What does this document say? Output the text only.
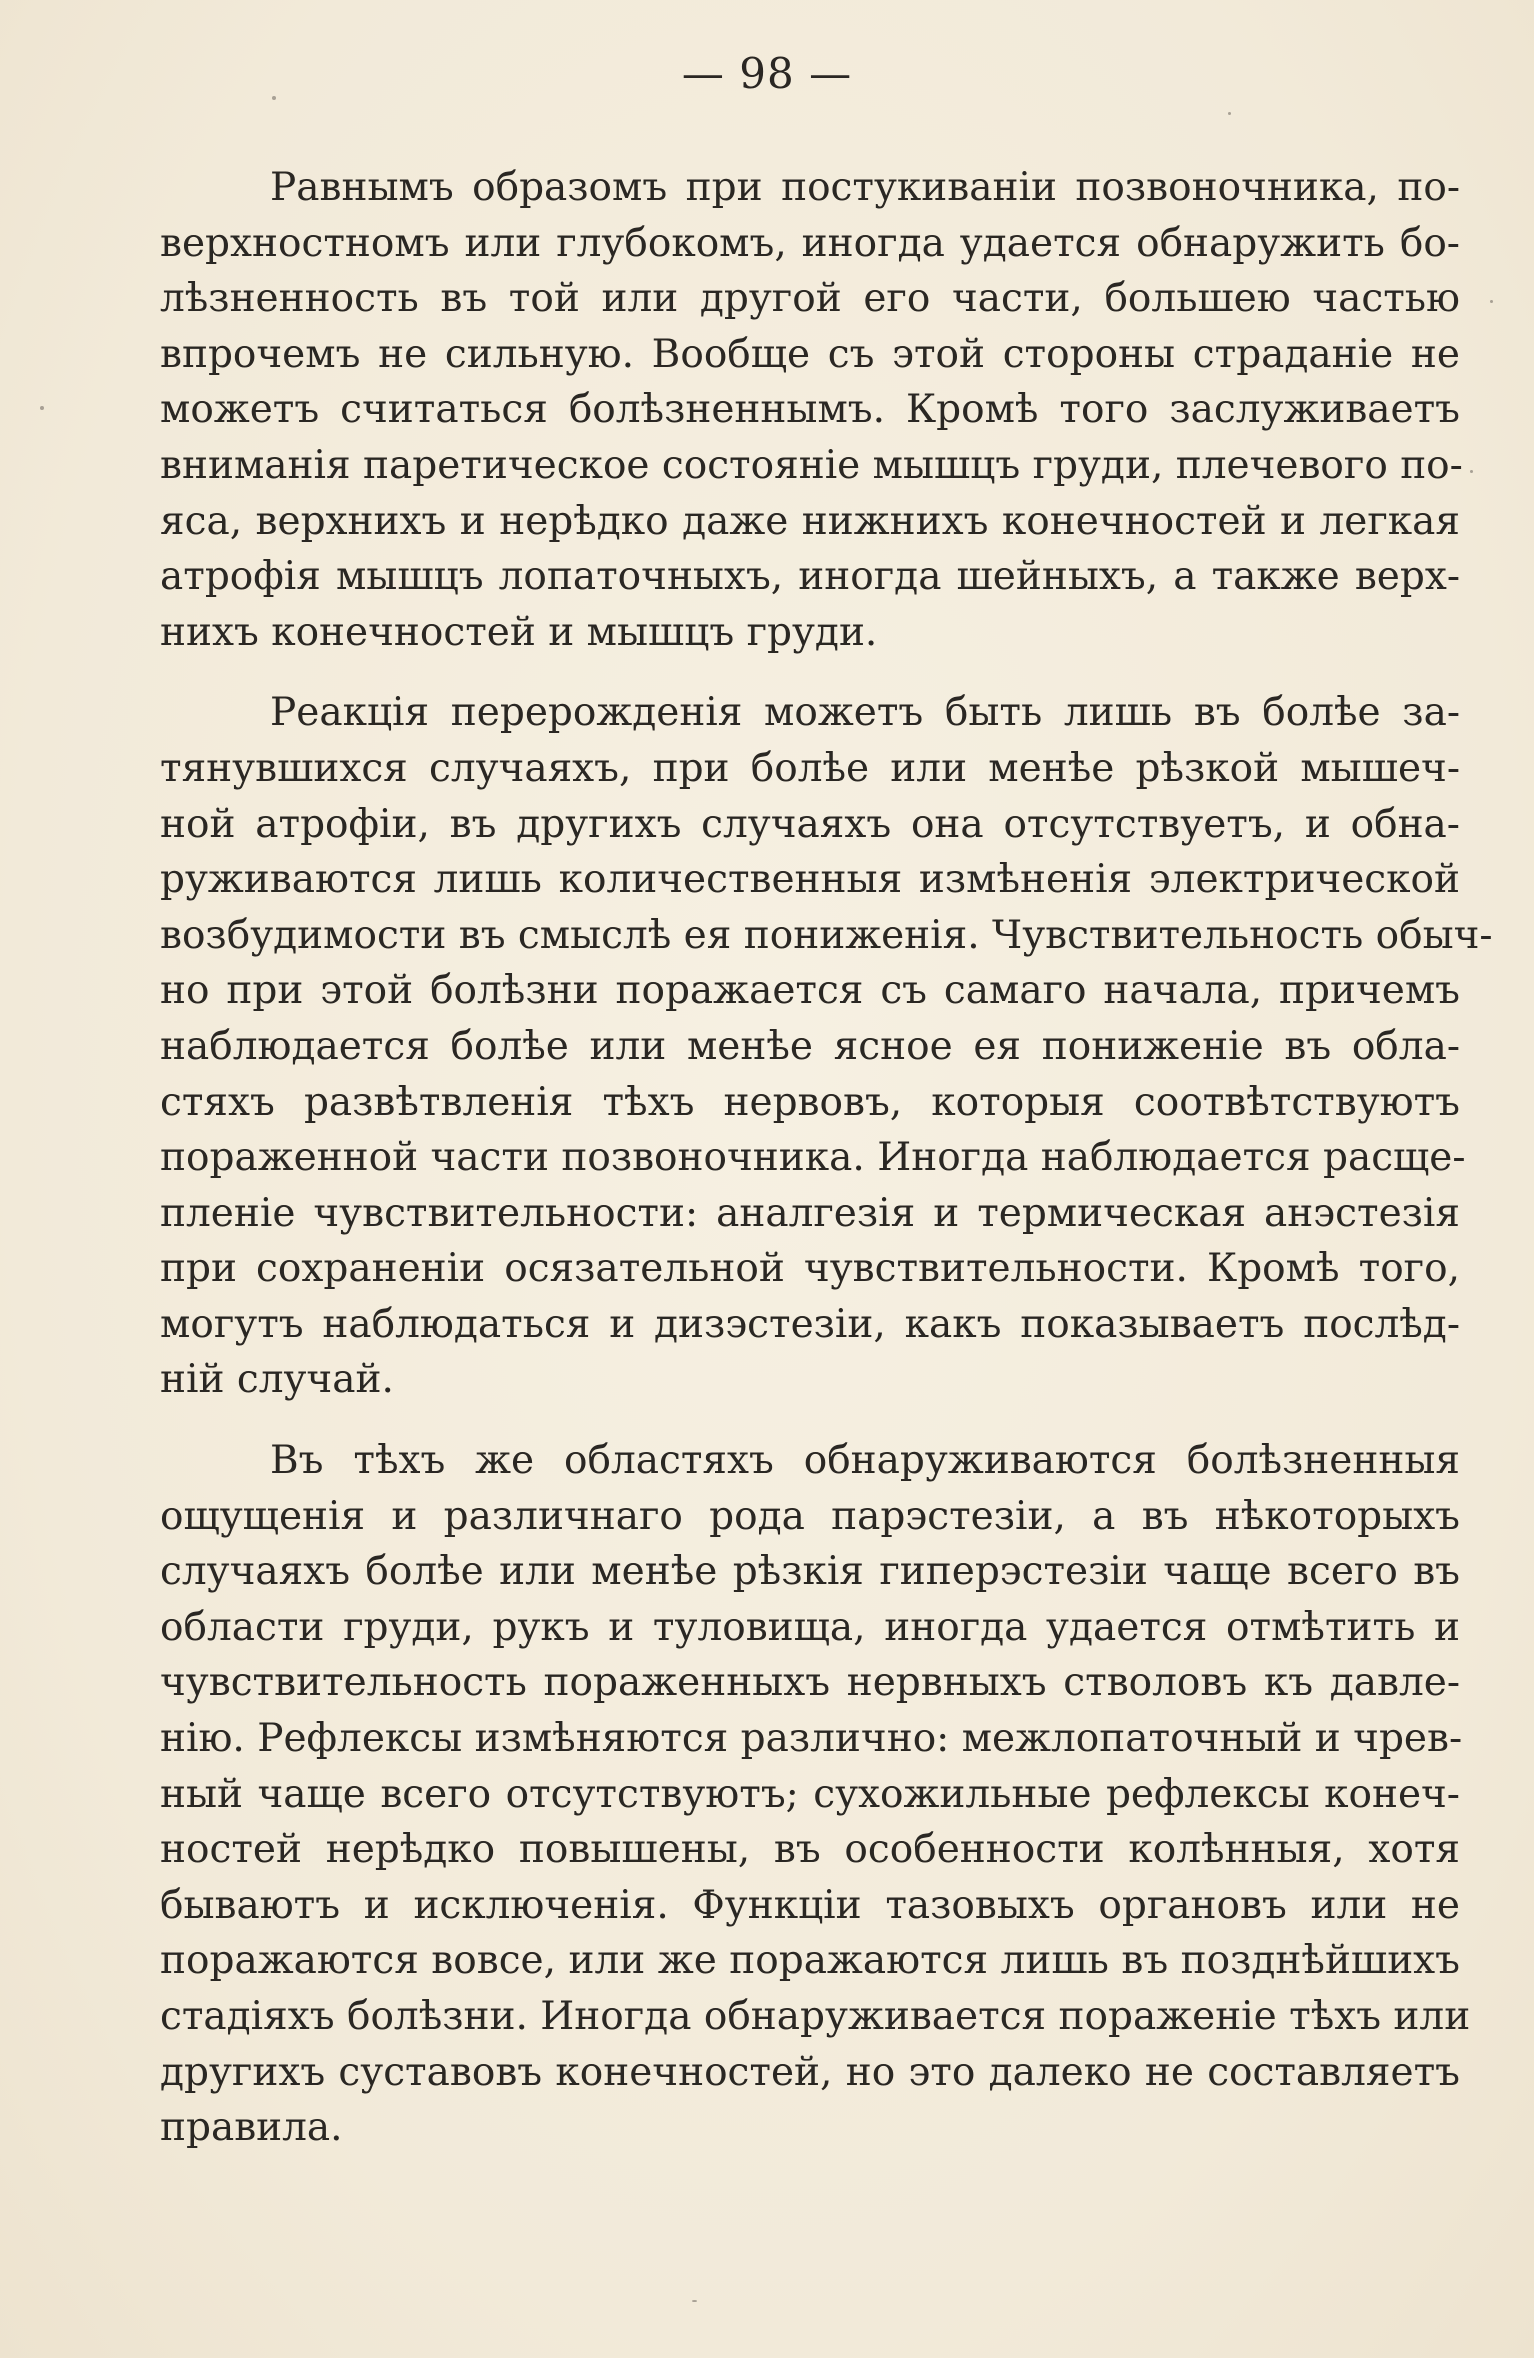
— 98 —
Равнымъ образомъ при постукиванiи позвоночника, по-
верхностномъ или глубокомъ, иногда удается обнаружить бо-
лѣзненность въ той или другой его части, большею частью
впрочемъ не сильную. Вообще съ этой стороны страданiе не
можетъ считаться болѣзненнымъ. Кромѣ того заслуживаетъ
вниманiя паретическое состоянiе мышцъ груди, плечевого по-
яса, верхнихъ и нерѣдко даже нижнихъ конечностей и легкая
атрофiя мышцъ лопаточныхъ, иногда шейныхъ, а также верх-
нихъ конечностей и мышцъ груди.
Реакцiя перерожденiя можетъ быть лишь въ болѣе за-
тянувшихся случаяхъ, при болѣе или менѣе рѣзкой мышеч-
ной атрофiи, въ другихъ случаяхъ она отсутствуетъ, и обна-
руживаются лишь количественныя измѣненiя электрической
возбудимости въ смыслѣ ея пониженiя. Чувствительность обыч-
но при этой болѣзни поражается съ самаго начала, причемъ
наблюдается болѣе или менѣе ясное ея пониженiе въ обла-
стяхъ развѣтвленiя тѣхъ нервовъ, которыя соотвѣтствуютъ
пораженной части позвоночника. Иногда наблюдается расще-
пленiе чувствительности: аналгезiя и термическая анэстезiя
при сохраненiи осязательной чувствительности. Кромѣ того,
могутъ наблюдаться и дизэстезiи, какъ показываетъ послѣд-
нiй случай.
Въ тѣхъ же областяхъ обнаруживаются болѣзненныя
ощущенiя и различнаго рода парэстезiи, а въ нѣкоторыхъ
случаяхъ болѣе или менѣе рѣзкiя гиперэстезiи чаще всего въ
области груди, рукъ и туловища, иногда удается отмѣтить и
чувствительность пораженныхъ нервныхъ стволовъ къ давле-
нiю. Рефлексы измѣняются различно: межлопаточный и чрев-
ный чаще всего отсутствуютъ; сухожильные рефлексы конеч-
ностей нерѣдко повышены, въ особенности колѣнныя, хотя
бываютъ и исключенiя. Функцiи тазовыхъ органовъ или не
поражаются вовсе, или же поражаются лишь въ позднѣйшихъ
стадiяхъ болѣзни. Иногда обнаруживается пораженiе тѣхъ или
другихъ суставовъ конечностей, но это далеко не составляетъ
правила.
